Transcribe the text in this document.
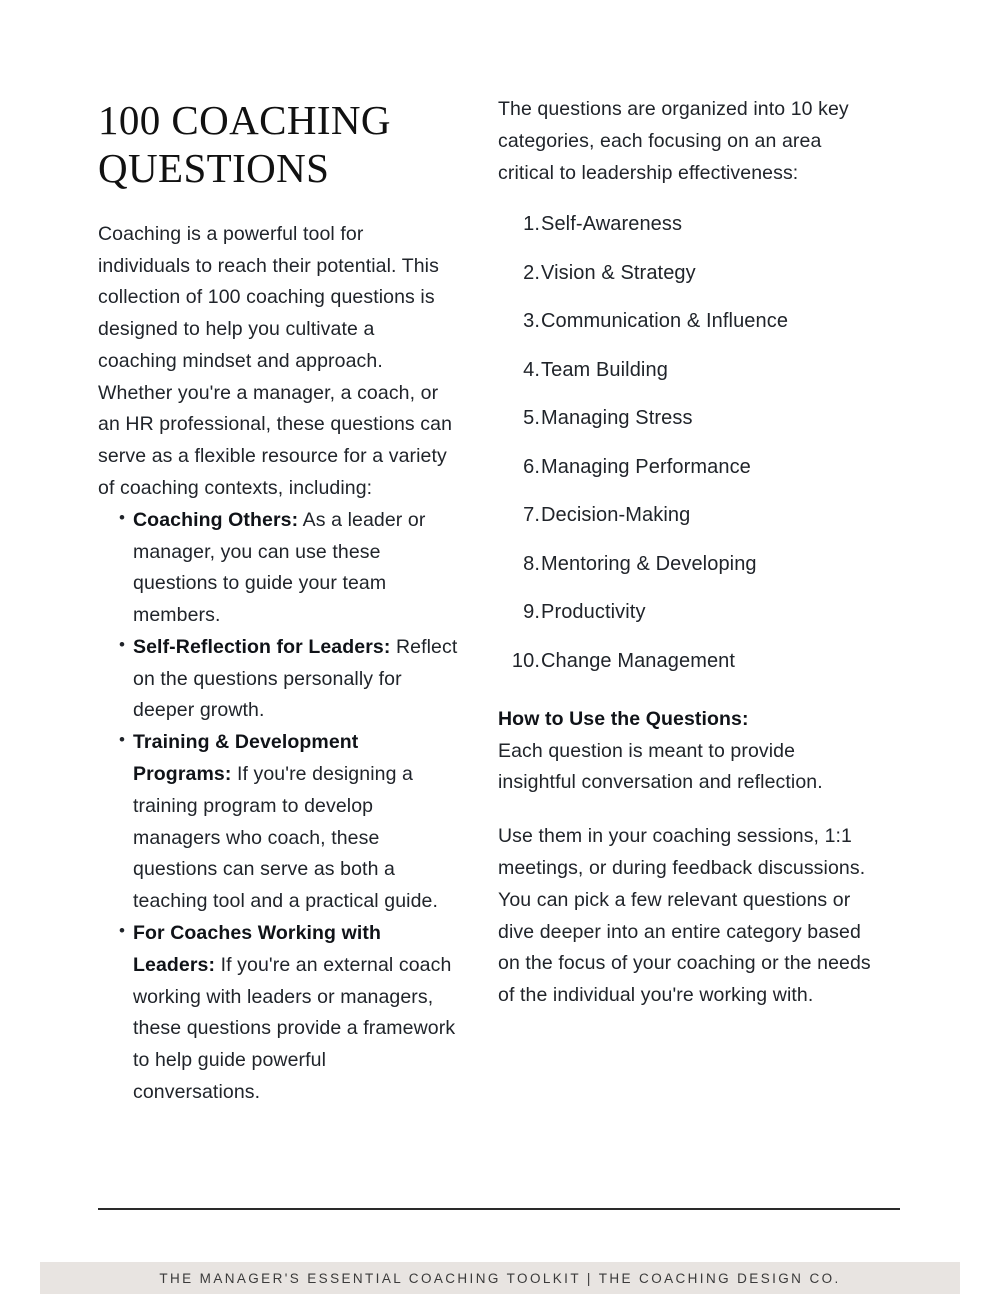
100 COACHING QUESTIONS

Coaching is a powerful tool for individuals to reach their potential. This collection of 100 coaching questions is designed to help you cultivate a coaching mindset and approach. Whether you're a manager, a coach, or an HR professional, these questions can serve as a flexible resource for a variety of coaching contexts, including:

• Coaching Others: As a leader or manager, you can use these questions to guide your team members.
• Self-Reflection for Leaders: Reflect on the questions personally for deeper growth.
• Training & Development Programs: If you're designing a training program to develop managers who coach, these questions can serve as both a teaching tool and a practical guide.
• For Coaches Working with Leaders: If you're an external coach working with leaders or managers, these questions provide a framework to help guide powerful conversations.

The questions are organized into 10 key categories, each focusing on an area critical to leadership effectiveness:

1. Self-Awareness
2. Vision & Strategy
3. Communication & Influence
4. Team Building
5. Managing Stress
6. Managing Performance
7. Decision-Making
8. Mentoring & Developing
9. Productivity
10. Change Management

How to Use the Questions:

Each question is meant to provide insightful conversation and reflection.

Use them in your coaching sessions, 1:1 meetings, or during feedback discussions. You can pick a few relevant questions or dive deeper into an entire category based on the focus of your coaching or the needs of the individual you're working with.

THE MANAGER'S ESSENTIAL COACHING TOOLKIT | THE COACHING DESIGN CO.
